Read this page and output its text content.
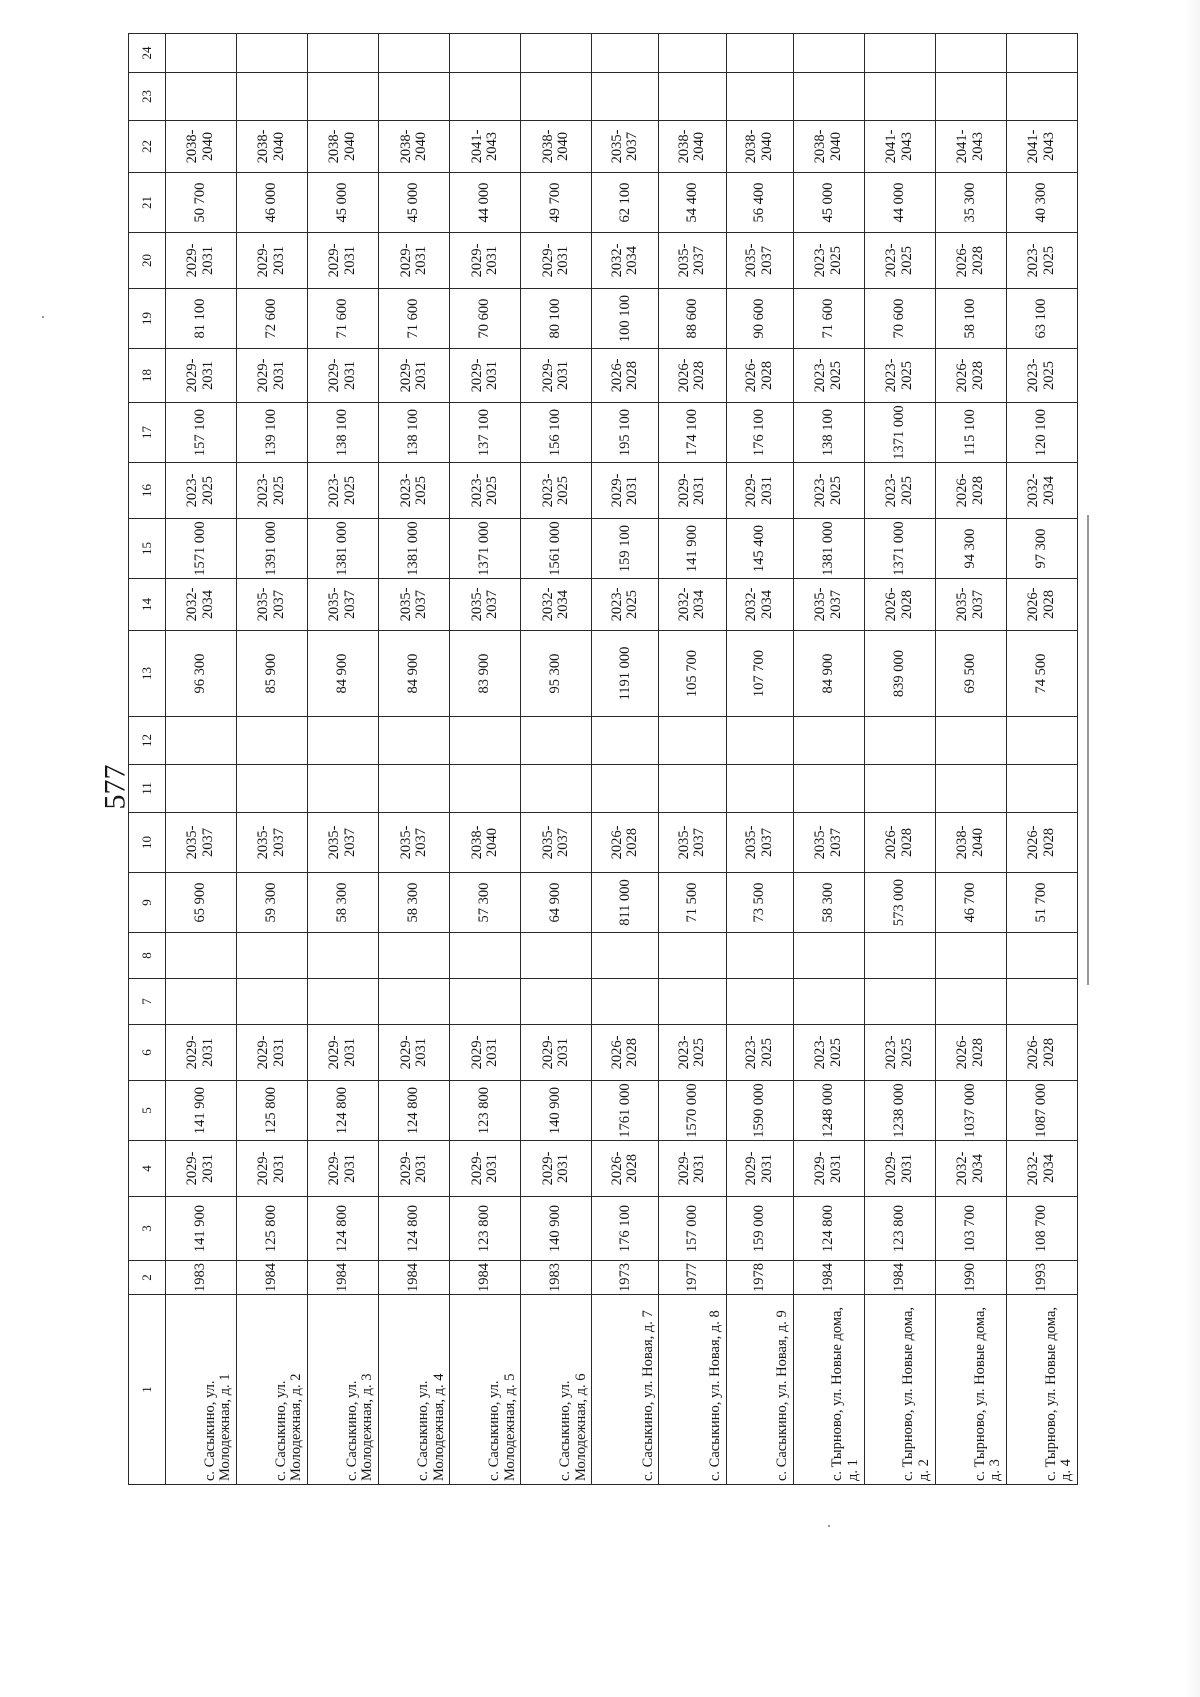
577
1	2	3	4	5	6	7	8	9	10	11	12	13	14	15	16	17	18	19	20	21	22	23	24
с. Сасыкино, ул. Молодежная, д. 1	1983	141 900	2029-2031	141 900	2029-2031			65 900	2035-2037			96 300	2032-2034	1571 000	2023-2025	157 100	2029-2031	81 100	2029-2031	50 700	2038-2040		
с. Сасыкино, ул. Молодежная, д. 2	1984	125 800	2029-2031	125 800	2029-2031			59 300	2035-2037			85 900	2035-2037	1391 000	2023-2025	139 100	2029-2031	72 600	2029-2031	46 000	2038-2040		
с. Сасыкино, ул. Молодежная, д. 3	1984	124 800	2029-2031	124 800	2029-2031			58 300	2035-2037			84 900	2035-2037	1381 000	2023-2025	138 100	2029-2031	71 600	2029-2031	45 000	2038-2040		
с. Сасыкино, ул. Молодежная, д. 4	1984	124 800	2029-2031	124 800	2029-2031			58 300	2035-2037			84 900	2035-2037	1381 000	2023-2025	138 100	2029-2031	71 600	2029-2031	45 000	2038-2040		
с. Сасыкино, ул. Молодежная, д. 5	1984	123 800	2029-2031	123 800	2029-2031			57 300	2038-2040			83 900	2035-2037	1371 000	2023-2025	137 100	2029-2031	70 600	2029-2031	44 000	2041-2043		
с. Сасыкино, ул. Молодежная, д. 6	1983	140 900	2029-2031	140 900	2029-2031			64 900	2035-2037			95 300	2032-2034	1561 000	2023-2025	156 100	2029-2031	80 100	2029-2031	49 700	2038-2040		
с. Сасыкино, ул. Новая, д. 7	1973	176 100	2026-2028	1761 000	2026-2028			811 000	2026-2028			1191 000	2023-2025	159 100	2029-2031	195 100	2026-2028	100 100	2032-2034	62 100	2035-2037		
с. Сасыкино, ул. Новая, д. 8	1977	157 000	2029-2031	1570 000	2023-2025			71 500	2035-2037			105 700	2032-2034	141 900	2029-2031	174 100	2026-2028	88 600	2035-2037	54 400	2038-2040		
с. Сасыкино, ул. Новая, д. 9	1978	159 000	2029-2031	1590 000	2023-2025			73 500	2035-2037			107 700	2032-2034	145 400	2029-2031	176 100	2026-2028	90 600	2035-2037	56 400	2038-2040		
с. Тырново, ул. Новые дома, д. 1	1984	124 800	2029-2031	1248 000	2023-2025			58 300	2035-2037			84 900	2035-2037	1381 000	2023-2025	138 100	2023-2025	71 600	2023-2025	45 000	2038-2040		
с. Тырново, ул. Новые дома, д. 2	1984	123 800	2029-2031	1238 000	2023-2025			573 000	2026-2028			839 000	2026-2028	1371 000	2023-2025	1371 000	2023-2025	70 600	2023-2025	44 000	2041-2043		
с. Тырново, ул. Новые дома, д. 3	1990	103 700	2032-2034	1037 000	2026-2028			46 700	2038-2040			69 500	2035-2037	94 300	2026-2028	115 100	2026-2028	58 100	2026-2028	35 300	2041-2043		
с. Тырново, ул. Новые дома, д. 4	1993	108 700	2032-2034	1087 000	2026-2028			51 700	2026-2028			74 500	2026-2028	97 300	2032-2034	120 100	2023-2025	63 100	2023-2025	40 300	2041-2043		
